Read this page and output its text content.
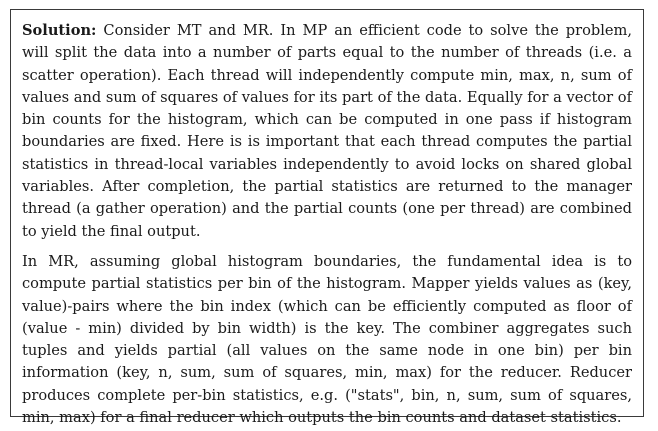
Solution: Consider MT and MR. In MP an efficient code to solve the problem, will split the data into a number of parts equal to the number of threads (i.e. a scatter operation). Each thread will independently compute min, max, n, sum of values and sum of squares of values for its part of the data. Equally for a vector of bin counts for the histogram, which can be computed in one pass if histogram boundaries are fixed. Here is is important that each thread computes the partial statistics in thread-local variables independently to avoid locks on shared global variables. After completion, the partial statistics are returned to the manager thread (a gather operation) and the partial counts (one per thread) are combined to yield the final output.

In MR, assuming global histogram boundaries, the fundamental idea is to compute partial statistics per bin of the histogram. Mapper yields values as (key, value)-pairs where the bin index (which can be efficiently computed as floor of (value - min) divided by bin width) is the key. The combiner aggregates such tuples and yields partial (all values on the same node in one bin) per bin information (key, n, sum, sum of squares, min, max) for the reducer. Reducer produces complete per-bin statistics, e.g. ("stats", bin, n, sum, sum of squares, min, max) for a final reducer which outputs the bin counts and dataset statistics.
